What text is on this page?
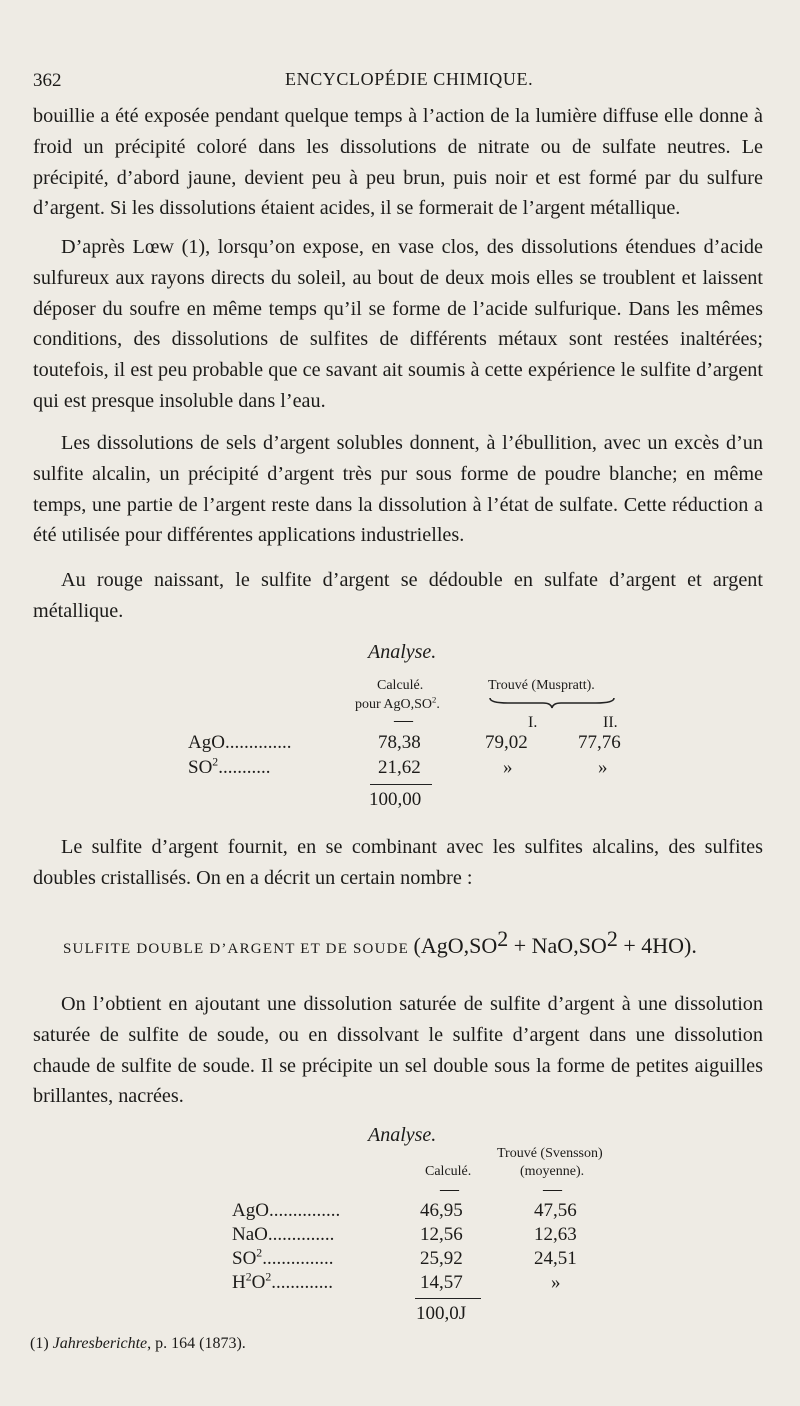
362	ENCYCLOPÉDIE CHIMIQUE.
bouillie a été exposée pendant quelque temps à l’action de la lumière diffuse elle donne à froid un précipité coloré dans les dissolutions de nitrate ou de sulfate neutres. Le précipité, d’abord jaune, devient peu à peu brun, puis noir et est formé par du sulfure d’argent. Si les dissolutions étaient acides, il se formerait de l’argent métallique.
D’après Lœw (1), lorsqu’on expose, en vase clos, des dissolutions étendues d’acide sulfureux aux rayons directs du soleil, au bout de deux mois elles se troublent et laissent déposer du soufre en même temps qu’il se forme de l’acide sulfurique. Dans les mêmes conditions, des dissolutions de sulfites de différents métaux sont restées inaltérées; toutefois, il est peu probable que ce savant ait soumis à cette expérience le sulfite d’argent qui est presque insoluble dans l’eau.
Les dissolutions de sels d’argent solubles donnent, à l’ébullition, avec un excès d’un sulfite alcalin, un précipité d’argent très pur sous forme de poudre blanche; en même temps, une partie de l’argent reste dans la dissolution à l’état de sulfate. Cette réduction a été utilisée pour différentes applications industrielles.
Au rouge naissant, le sulfite d’argent se dédouble en sulfate d’argent et argent métallique.
Analyse.
Calculé.
pour $AgO,SO^2$.
Trouvé (Muspratt).
—	I.	II.
AgO..............	78,38	79,02	77,76
$SO^2$...........	21,62	»	»
100,00
Le sulfite d’argent fournit, en se combinant avec les sulfites alcalins, des sulfites doubles cristallisés. On en a décrit un certain nombre :
SULFITE DOUBLE D’ARGENT ET DE SOUDE $(AgO,SO^2 + NaO,SO^2 + 4HO)$.
On l’obtient en ajoutant une dissolution saturée de sulfite d’argent à une dissolution saturée de sulfite de soude, ou en dissolvant le sulfite d’argent dans une dissolution chaude de sulfite de soude. Il se précipite un sel double sous la forme de petites aiguilles brillantes, nacrées.
Analyse.
Trouvé (Svensson)
Calculé.	(moyenne).
—	—
AgO...............	46,95	47,56
NaO..............	12,56	12,63
$SO^2$...............	25,92	24,51
$H^2O^2$.............	14,57	»
100,0J
(1) Jahresberichte, p. 164 (1873).
